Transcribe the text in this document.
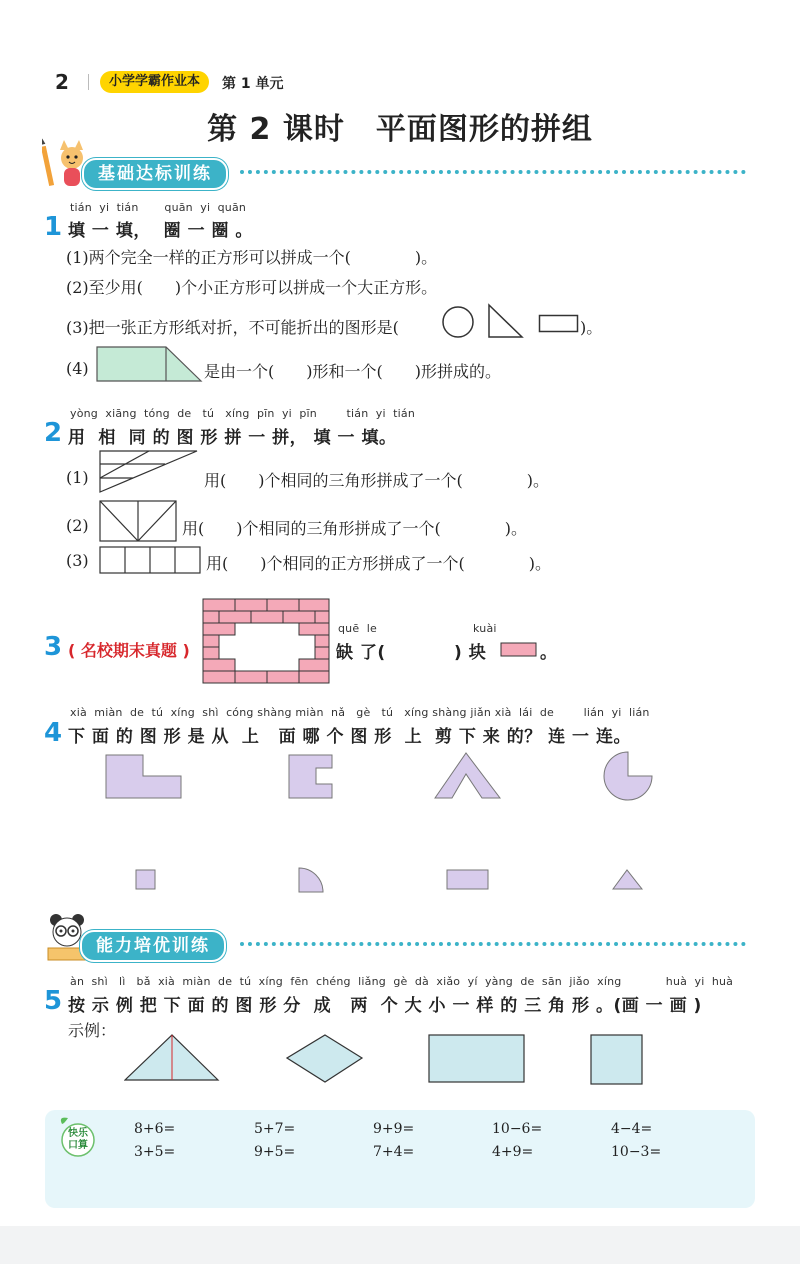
2	小学学霸作业本	第 1 单元
第 2 课时　平面图形的拼组
基础达标训练
1
tián  yi  tián       quān  yi  quān
填 一 填，  圈 一 圈 。
(1)两个完全一样的正方形可以拼成一个(　　　　)。
(2)至少用(　　)个小正方形可以拼成一个大正方形。
(3)把一张正方形纸对折，不可能折出的图形是(	)。
(4)	是由一个(　　)形和一个(　　)形拼成的。
2
yòng  xiāng  tóng  de   tú   xíng  pīn  yi  pīn        tián  yi  tián
用  相  同 的 图 形 拼 一 拼， 填 一 填。
(1)	用(　　)个相同的三角形拼成了一个(　　　　)。
(2)	用(　　)个相同的三角形拼成了一个(　　　　)。
(3)	用(　　)个相同的正方形拼成了一个(　　　　)。
3 ( 名校期末真题 )
quē  le                          kuài
缺 了(	) 块	。
4
xià  miàn  de  tú  xíng  shì  cóng shàng miàn  nǎ   gè   tú   xíng shàng jiǎn xià  lái  de        lián  yi  lián
下 面 的 图 形 是 从  上   面 哪 个 图 形  上  剪 下 来 的？ 连 一 连。
能力培优训练
5
àn  shì   lì   bǎ  xià  miàn  de  tú  xíng  fēn  chéng  liǎng  gè  dà  xiǎo  yí  yàng  de  sān  jiǎo  xíng            huà  yi  huà
按 示 例 把 下 面 的 图 形 分  成   两  个 大 小 一 样 的 三 角 形 。(画 一 画 )
示例：
快乐口算
8+6=	5+7=	9+9=	10−6=	4−4=
3+5=	9+5=	7+4=	4+9=	10−3=
